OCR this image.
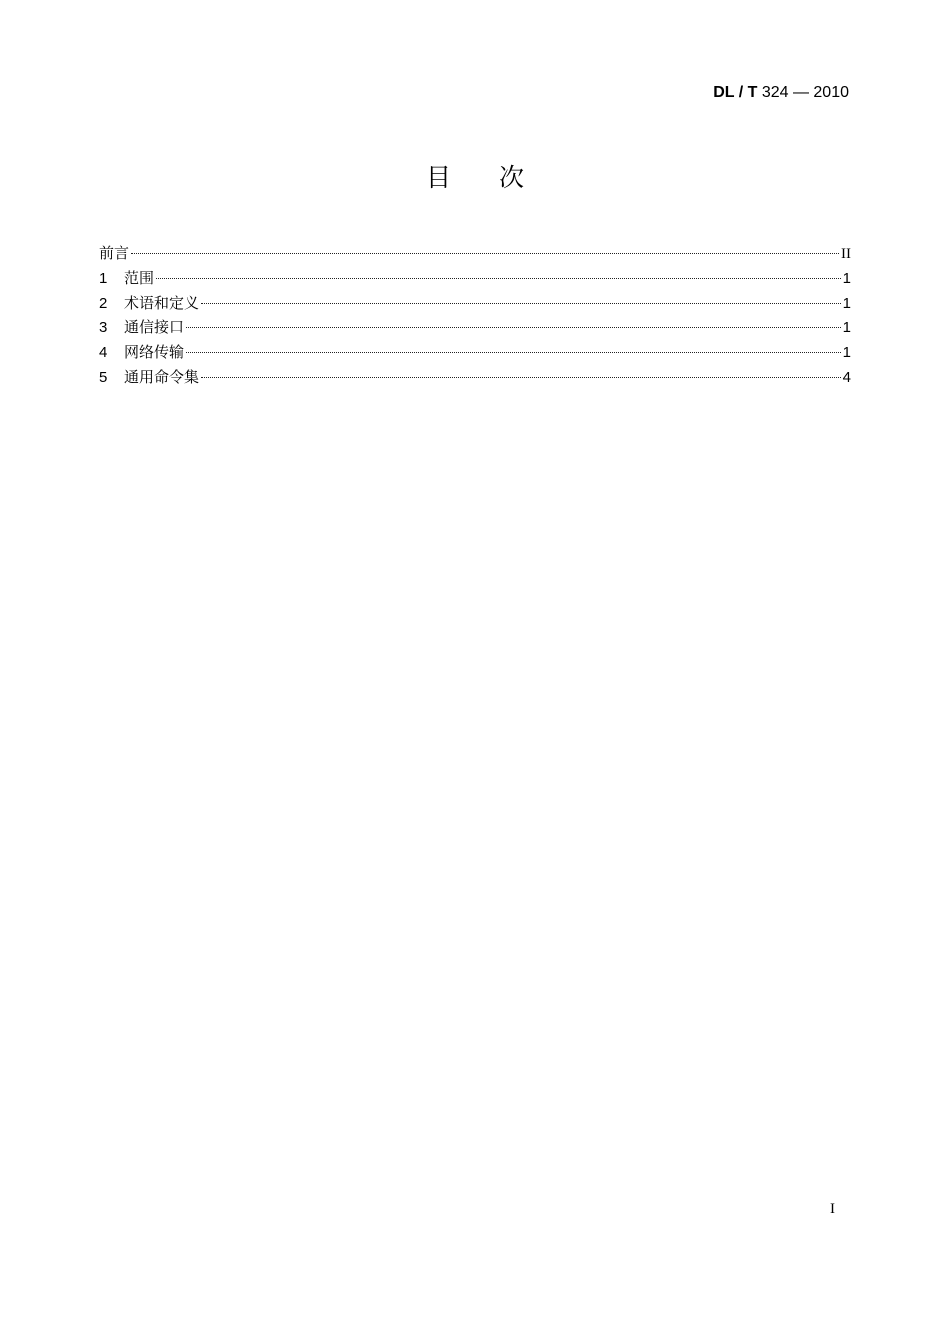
DL / T 324 — 2010
目次
前言	II
1	范围	1
2	术语和定义	1
3	通信接口	1
4	网络传输	1
5	通用命令集	4
I
